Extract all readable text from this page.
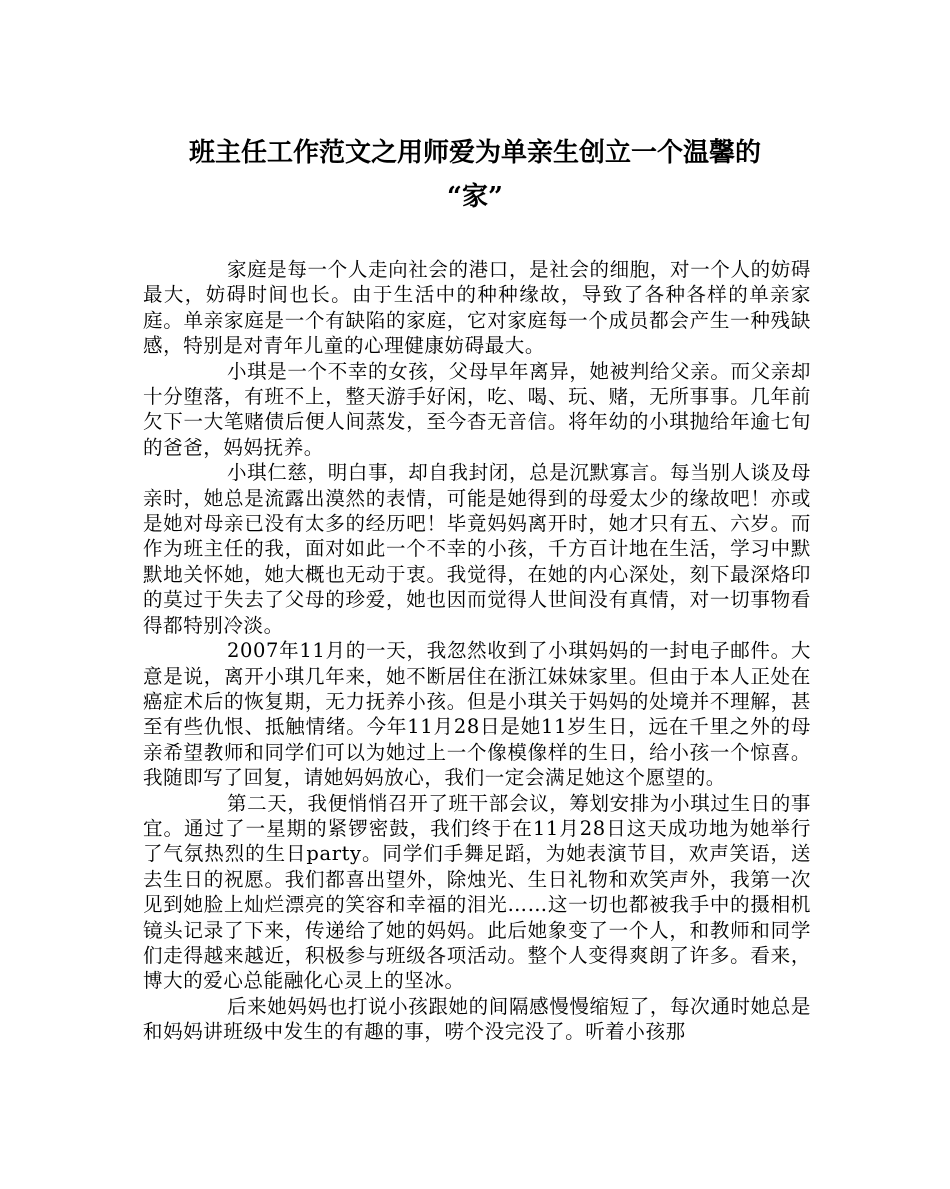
班主任工作范文之用师爱为单亲生创立一个温馨的
“家”

家庭是每一个人走向社会的港口，是社会的细胞，对一个人的妨碍最大，妨碍时间也长。由于生活中的种种缘故，导致了各种各样的单亲家庭。单亲家庭是一个有缺陷的家庭，它对家庭每一个成员都会产生一种残缺感，特别是对青年儿童的心理健康妨碍最大。

小琪是一个不幸的女孩，父母早年离异，她被判给父亲。而父亲却十分堕落，有班不上，整天游手好闲，吃、喝、玩、赌，无所事事。几年前欠下一大笔赌债后便人间蒸发，至今杳无音信。将年幼的小琪抛给年逾七旬的爸爸，妈妈抚养。

小琪仁慈，明白事，却自我封闭，总是沉默寡言。每当别人谈及母亲时，她总是流露出漠然的表情，可能是她得到的母爱太少的缘故吧！亦或是她对母亲已没有太多的经历吧！毕竟妈妈离开时，她才只有五、六岁。而作为班主任的我，面对如此一个不幸的小孩，千方百计地在生活，学习中默默地关怀她，她大概也无动于衷。我觉得，在她的内心深处，刻下最深烙印的莫过于失去了父母的珍爱，她也因而觉得人世间没有真情，对一切事物看得都特别冷淡。

2007年11月的一天，我忽然收到了小琪妈妈的一封电子邮件。大意是说，离开小琪几年来，她不断居住在浙江妹妹家里。但由于本人正处在癌症术后的恢复期，无力抚养小孩。但是小琪关于妈妈的处境并不理解，甚至有些仇恨、抵触情绪。今年11月28日是她11岁生日，远在千里之外的母亲希望教师和同学们可以为她过上一个像模像样的生日，给小孩一个惊喜。我随即写了回复，请她妈妈放心，我们一定会满足她这个愿望的。

第二天，我便悄悄召开了班干部会议，筹划安排为小琪过生日的事宜。通过了一星期的紧锣密鼓，我们终于在11月28日这天成功地为她举行了气氛热烈的生日party。同学们手舞足蹈，为她表演节目，欢声笑语，送去生日的祝愿。我们都喜出望外，除烛光、生日礼物和欢笑声外，我第一次见到她脸上灿烂漂亮的笑容和幸福的泪光……这一切也都被我手中的摄相机镜头记录了下来，传递给了她的妈妈。此后她象变了一个人，和教师和同学们走得越来越近，积极参与班级各项活动。整个人变得爽朗了许多。看来，博大的爱心总能融化心灵上的坚冰。

后来她妈妈也打说小孩跟她的间隔感慢慢缩短了，每次通时她总是和妈妈讲班级中发生的有趣的事，唠个没完没了。听着小孩那
